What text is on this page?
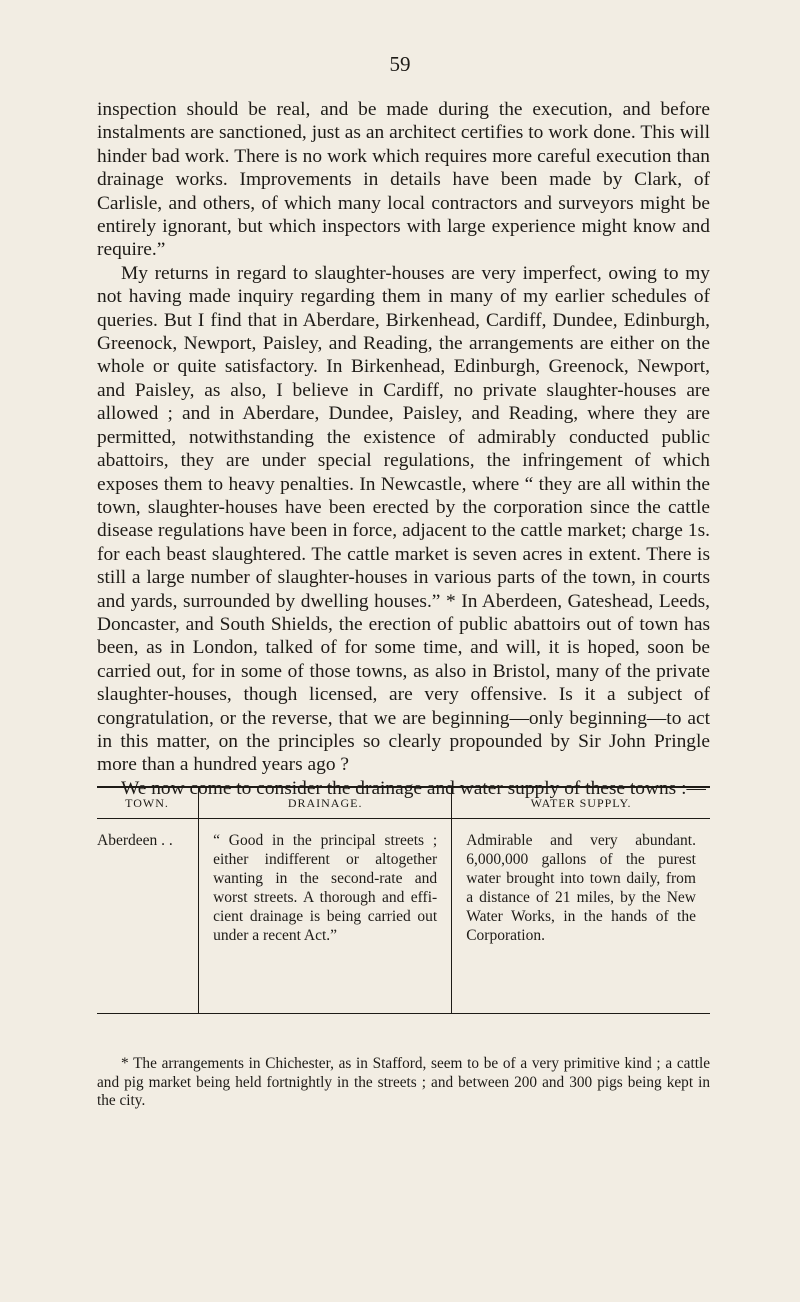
59

inspection should be real, and be made during the execution, and before instalments are sanctioned, just as an architect certifies to work done. This will hinder bad work. There is no work which requires more careful execution than drainage works. Improvements in details have been made by Clark, of Carlisle, and others, of which many local contractors and surveyors might be entirely ignorant, but which inspectors with large experience might know and require.”

My returns in regard to slaughter-houses are very imperfect, owing to my not having made inquiry regarding them in many of my earlier schedules of queries. But I find that in Aberdare, Birkenhead, Cardiff, Dundee, Edinburgh, Greenock, Newport, Paisley, and Reading, the arrangements are either on the whole or quite satisfactory. In Birkenhead, Edinburgh, Greenock, Newport, and Paisley, as also, I believe in Cardiff, no private slaughter-houses are allowed ; and in Aberdare, Dundee, Paisley, and Reading, where they are permitted, notwithstanding the existence of admirably conducted public abattoirs, they are under special regulations, the infringement of which exposes them to heavy penalties. In Newcastle, where “ they are all within the town, slaughter-houses have been erected by the corporation since the cattle disease regulations have been in force, adjacent to the cattle market; charge 1s. for each beast slaughtered. The cattle market is seven acres in extent. There is still a large number of slaughter-houses in various parts of the town, in courts and yards, surrounded by dwelling houses.” * In Aberdeen, Gateshead, Leeds, Doncaster, and South Shields, the erection of public abattoirs out of town has been, as in London, talked of for some time, and will, it is hoped, soon be carried out, for in some of those towns, as also in Bristol, many of the private slaughter-houses, though licensed, are very offensive. Is it a subject of congratulation, or the reverse, that we are beginning—only beginning—to act in this matter, on the principles so clearly propounded by Sir John Pringle more than a hundred years ago ?

We now come to consider the drainage and water supply of these towns :—

TOWN.	DRAINAGE.	WATER SUPPLY.
Aberdeen . .	“ Good in the principal streets ; either indifferent or altogether wanting in the second-rate and worst streets. A thorough and efficient drainage is being carried out under a recent Act.”	Admirable and very abundant. 6,000,000 gallons of the purest water brought into town daily, from a distance of 21 miles, by the New Water Works, in the hands of the Corporation.

* The arrangements in Chichester, as in Stafford, seem to be of a very primitive kind ; a cattle and pig market being held fortnightly in the streets ; and between 200 and 300 pigs being kept in the city.
